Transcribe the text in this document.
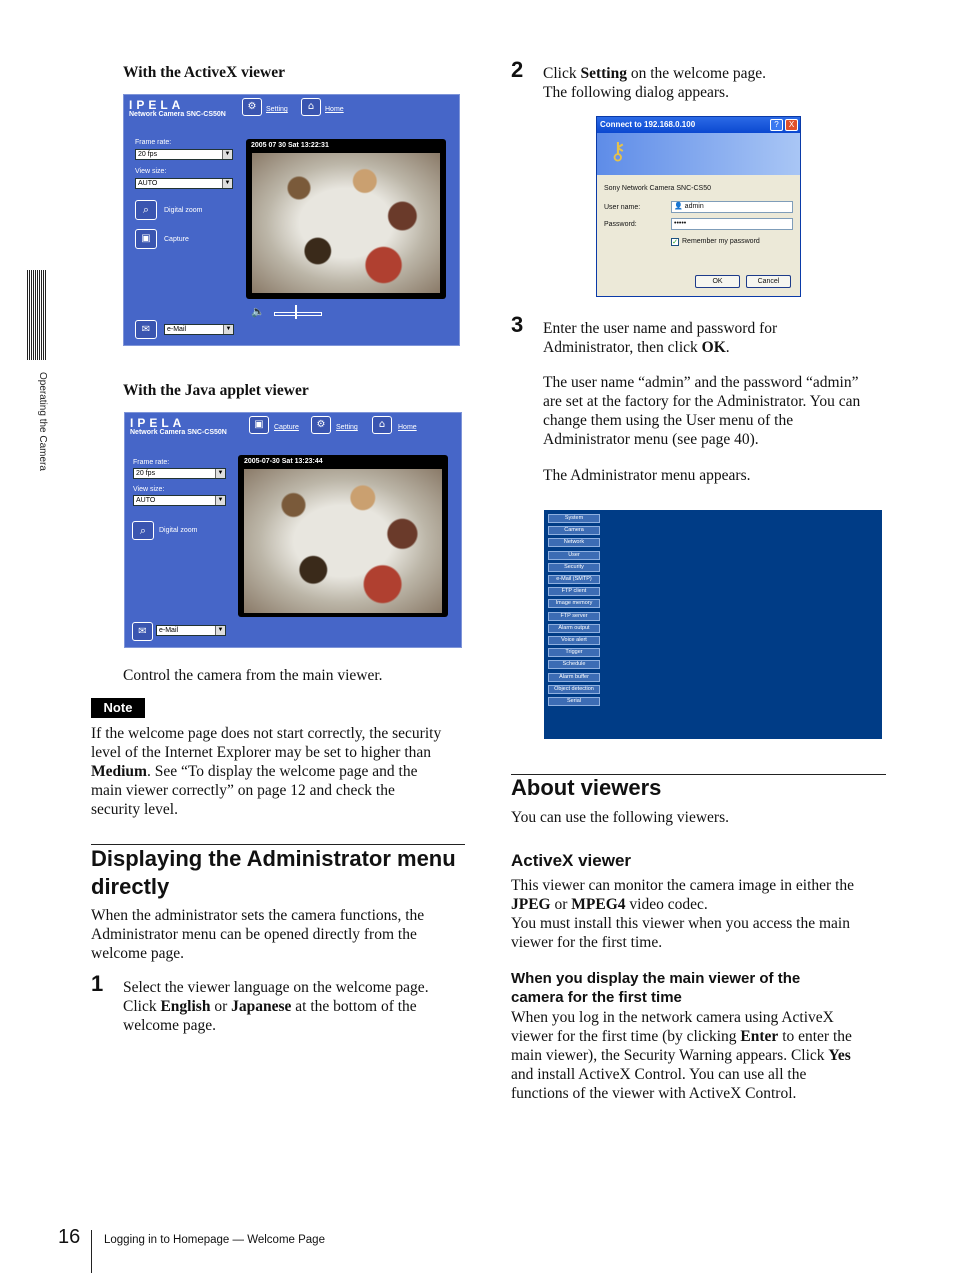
Operating the Camera
With the ActiveX viewer
IPELA
Network Camera SNC-CS50N
⚙	Setting	⌂	Home
Frame rate:
20 fps	▼
View size:
AUTO	▼
⌕	Digital zoom
▣	Capture
2005 07 30 Sat 13:22:31
🔈
✉	e-Mail	▼
With the Java applet viewer
IPELA
Network Camera SNC-CS50N
▣	Capture	⚙	Setting	⌂	Home
Frame rate:
20 fps	▼
View size:
AUTO	▼
⌕	Digital zoom
2005-07-30 Sat 13:23:44
✉	e-Mail	▼
Control the camera from the main viewer.
Note
If the welcome page does not start correctly, the security
level of the Internet Explorer may be set to higher than
Medium. See “To display the welcome page and the
main viewer correctly” on page 12 and check the
security level.
Displaying the Administrator menu
directly
When the administrator sets the camera functions, the
Administrator menu can be opened directly from the
welcome page.
1 Select the viewer language on the welcome page.
Click English or Japanese at the bottom of the
welcome page.
2 Click Setting on the welcome page.
The following dialog appears.
Connect to 192.168.0.100	?	X
⚷
Sony Network Camera SNC-CS50
User name:	👤 admin
Password:	•••••
✓ Remember my password
OK	Cancel
3 Enter the user name and password for
Administrator, then click OK.
The user name “admin” and the password “admin”
are set at the factory for the Administrator. You can
change them using the User menu of the
Administrator menu (see page 40).
The Administrator menu appears.
System
Camera
Network
User
Security
e-Mail (SMTP)
FTP client
Image memory
FTP server
Alarm output
Voice alert
Trigger
Schedule
Alarm buffer
Object detection
Serial
About viewers
You can use the following viewers.
ActiveX viewer
This viewer can monitor the camera image in either the
JPEG or MPEG4 video codec.
You must install this viewer when you access the main
viewer for the first time.
When you display the main viewer of the
camera for the first time
When you log in the network camera using ActiveX
viewer for the first time (by clicking Enter to enter the
main viewer), the Security Warning appears. Click Yes
and install ActiveX Control. You can use all the
functions of the viewer with ActiveX Control.
16 Logging in to Homepage — Welcome Page
